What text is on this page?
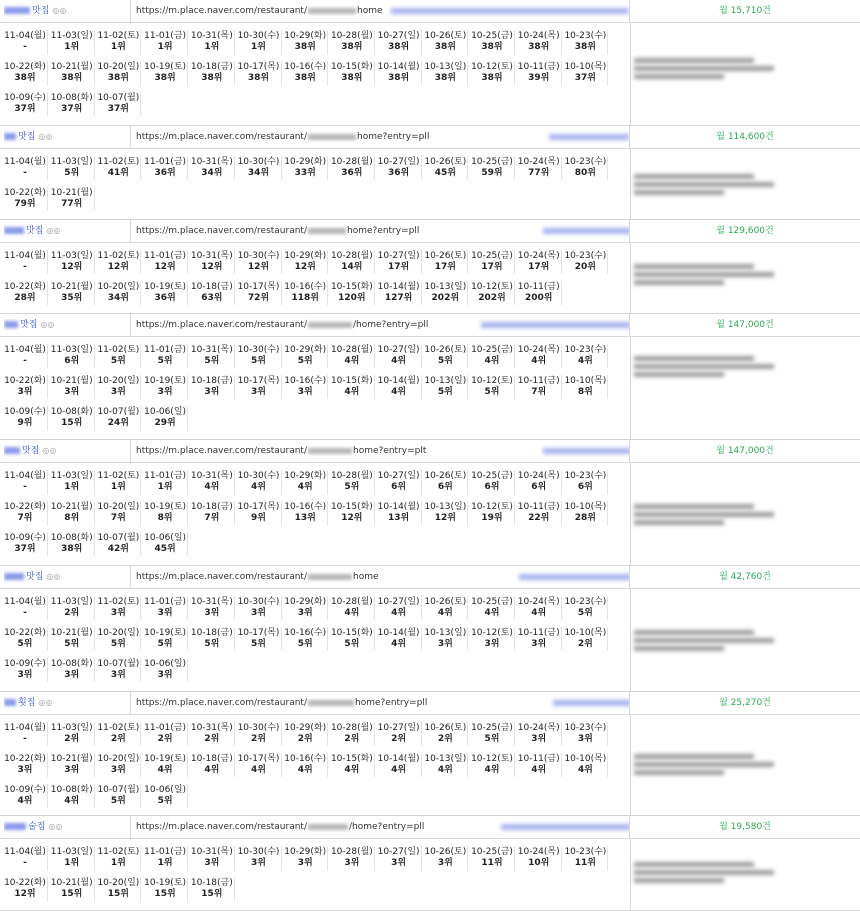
맛집 ◎◎	https://m.place.naver.com/restaurant/	home	월 15,710건
11-04(월)
-
11-03(일)
1위
11-02(토)
1위
11-01(금)
1위
10-31(목)
1위
10-30(수)
1위
10-29(화)
38위
10-28(월)
38위
10-27(일)
38위
10-26(토)
38위
10-25(금)
38위
10-24(목)
38위
10-23(수)
38위
10-22(화)
38위
10-21(월)
38위
10-20(일)
38위
10-19(토)
38위
10-18(금)
38위
10-17(목)
38위
10-16(수)
38위
10-15(화)
38위
10-14(월)
38위
10-13(일)
38위
10-12(토)
38위
10-11(금)
39위
10-10(목)
37위
10-09(수)
37위
10-08(화)
37위
10-07(월)
37위
맛집 ◎◎	https://m.place.naver.com/restaurant/	home?entry=pll	월 114,600건
11-04(월)
-
11-03(일)
5위
11-02(토)
41위
11-01(금)
36위
10-31(목)
34위
10-30(수)
34위
10-29(화)
33위
10-28(월)
36위
10-27(일)
36위
10-26(토)
45위
10-25(금)
59위
10-24(목)
77위
10-23(수)
80위
10-22(화)
79위
10-21(월)
77위
맛집 ◎◎	https://m.place.naver.com/restaurant/	home?entry=pll	월 129,600건
11-04(월)
-
11-03(일)
12위
11-02(토)
12위
11-01(금)
12위
10-31(목)
12위
10-30(수)
12위
10-29(화)
12위
10-28(월)
14위
10-27(일)
17위
10-26(토)
17위
10-25(금)
17위
10-24(목)
17위
10-23(수)
20위
10-22(화)
28위
10-21(월)
35위
10-20(일)
34위
10-19(토)
36위
10-18(금)
63위
10-17(목)
72위
10-16(수)
118위
10-15(화)
120위
10-14(월)
127위
10-13(일)
202위
10-12(토)
202위
10-11(금)
200위
맛집 ◎◎	https://m.place.naver.com/restaurant/	/home?entry=pll	월 147,000건
11-04(월)
-
11-03(일)
6위
11-02(토)
5위
11-01(금)
5위
10-31(목)
5위
10-30(수)
5위
10-29(화)
5위
10-28(월)
4위
10-27(일)
4위
10-26(토)
5위
10-25(금)
4위
10-24(목)
4위
10-23(수)
4위
10-22(화)
3위
10-21(월)
3위
10-20(일)
3위
10-19(토)
3위
10-18(금)
3위
10-17(목)
3위
10-16(수)
3위
10-15(화)
4위
10-14(월)
4위
10-13(일)
5위
10-12(토)
5위
10-11(금)
7위
10-10(목)
8위
10-09(수)
9위
10-08(화)
15위
10-07(월)
24위
10-06(일)
29위
맛집 ◎◎	https://m.place.naver.com/restaurant/	home?entry=plt	월 147,000건
11-04(월)
-
11-03(일)
1위
11-02(토)
1위
11-01(금)
1위
10-31(목)
4위
10-30(수)
4위
10-29(화)
4위
10-28(월)
5위
10-27(일)
6위
10-26(토)
6위
10-25(금)
6위
10-24(목)
6위
10-23(수)
6위
10-22(화)
7위
10-21(월)
8위
10-20(일)
7위
10-19(토)
8위
10-18(금)
7위
10-17(목)
9위
10-16(수)
13위
10-15(화)
12위
10-14(월)
13위
10-13(일)
12위
10-12(토)
19위
10-11(금)
22위
10-10(목)
28위
10-09(수)
37위
10-08(화)
38위
10-07(월)
42위
10-06(일)
45위
맛집 ◎◎	https://m.place.naver.com/restaurant/	home	월 42,760건
11-04(월)
-
11-03(일)
2위
11-02(토)
3위
11-01(금)
3위
10-31(목)
3위
10-30(수)
3위
10-29(화)
3위
10-28(월)
4위
10-27(일)
4위
10-26(토)
4위
10-25(금)
4위
10-24(목)
4위
10-23(수)
5위
10-22(화)
5위
10-21(월)
5위
10-20(일)
5위
10-19(토)
5위
10-18(금)
5위
10-17(목)
5위
10-16(수)
5위
10-15(화)
5위
10-14(월)
4위
10-13(일)
3위
10-12(토)
3위
10-11(금)
3위
10-10(목)
2위
10-09(수)
3위
10-08(화)
3위
10-07(월)
3위
10-06(일)
3위
횟집 ◎◎	https://m.place.naver.com/restaurant/	home?entry=pll	월 25,270건
11-04(월)
-
11-03(일)
2위
11-02(토)
2위
11-01(금)
2위
10-31(목)
2위
10-30(수)
2위
10-29(화)
2위
10-28(월)
2위
10-27(일)
2위
10-26(토)
2위
10-25(금)
5위
10-24(목)
3위
10-23(수)
3위
10-22(화)
3위
10-21(월)
3위
10-20(일)
3위
10-19(토)
4위
10-18(금)
4위
10-17(목)
4위
10-16(수)
4위
10-15(화)
4위
10-14(월)
4위
10-13(일)
4위
10-12(토)
4위
10-11(금)
4위
10-10(목)
4위
10-09(수)
4위
10-08(화)
4위
10-07(월)
5위
10-06(일)
5위
술집 ◎◎	https://m.place.naver.com/restaurant/	/home?entry=pll	월 19,580건
11-04(월)
-
11-03(일)
1위
11-02(토)
1위
11-01(금)
1위
10-31(목)
3위
10-30(수)
3위
10-29(화)
3위
10-28(월)
3위
10-27(일)
3위
10-26(토)
3위
10-25(금)
11위
10-24(목)
10위
10-23(수)
11위
10-22(화)
12위
10-21(월)
15위
10-20(일)
15위
10-19(토)
15위
10-18(금)
15위
